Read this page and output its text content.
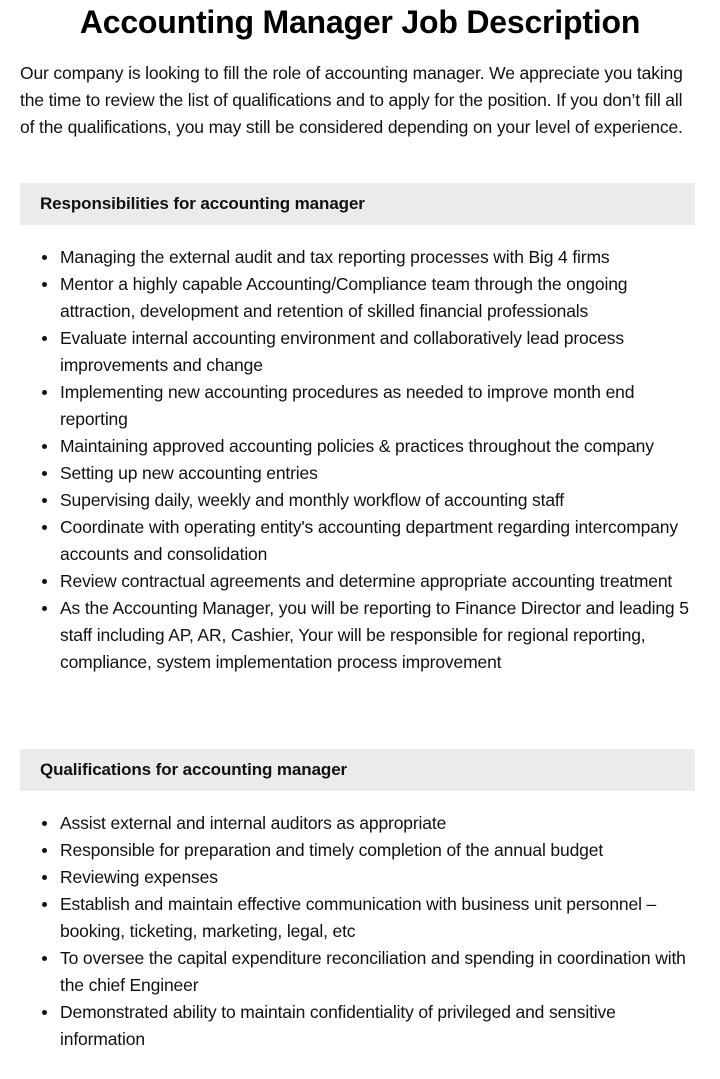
Accounting Manager Job Description

Our company is looking to fill the role of accounting manager. We appreciate you taking the time to review the list of qualifications and to apply for the position. If you don’t fill all of the qualifications, you may still be considered depending on your level of experience.

Responsibilities for accounting manager
Managing the external audit and tax reporting processes with Big 4 firms
Mentor a highly capable Accounting/Compliance team through the ongoing attraction, development and retention of skilled financial professionals
Evaluate internal accounting environment and collaboratively lead process improvements and change
Implementing new accounting procedures as needed to improve month end reporting
Maintaining approved accounting policies & practices throughout the company
Setting up new accounting entries
Supervising daily, weekly and monthly workflow of accounting staff
Coordinate with operating entity's accounting department regarding intercompany accounts and consolidation
Review contractual agreements and determine appropriate accounting treatment
As the Accounting Manager, you will be reporting to Finance Director and leading 5 staff including AP, AR, Cashier, Your will be responsible for regional reporting, compliance, system implementation process improvement
Qualifications for accounting manager
Assist external and internal auditors as appropriate
Responsible for preparation and timely completion of the annual budget
Reviewing expenses
Establish and maintain effective communication with business unit personnel – booking, ticketing, marketing, legal, etc
To oversee the capital expenditure reconciliation and spending in coordination with the chief Engineer
Demonstrated ability to maintain confidentiality of privileged and sensitive information
